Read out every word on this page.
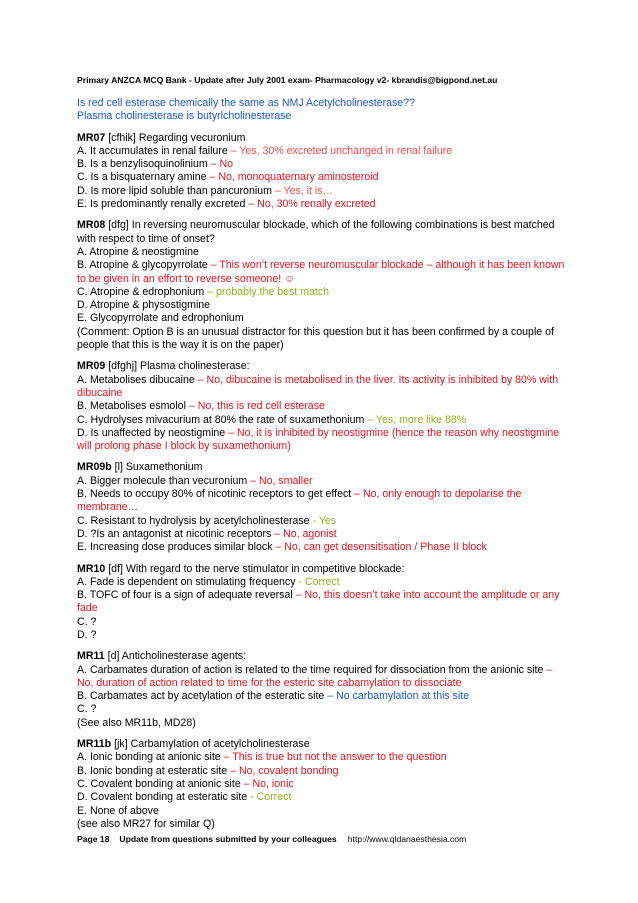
Primary ANZCA MCQ Bank - Update after July 2001 exam- Pharmacology v2- kbrandis@bigpond.net.au
Is red cell esterase chemically the same as NMJ Acetylcholinesterase??
Plasma cholinesterase is butyrlcholinesterase
MR07 [cfhik] Regarding vecuronium
A. It accumulates in renal failure – Yes, 30% excreted unchanged in renal failure
B. Is a benzylisoquinolinium – No
C. Is a bisquaternary amine – No, monoquaternary aminosteroid
D. Is more lipid soluble than pancuronium – Yes, it is…
E. Is predominantly renally excreted – No, 30% renally excreted
MR08 [dfg] In reversing neuromuscular blockade, which of the following combinations is best matched with respect to time of onset?
A. Atropine & neostigmine
B. Atropine & glycopyrrolate – This won’t reverse neuromuscular blockade – although it has been known to be given in an effort to reverse someone! ☺
C. Atropine & edrophonium – probably the best match
D. Atropine & physostigmine
E. Glycopyrrolate and edrophonium
(Comment: Option B is an unusual distractor for this question but it has been confirmed by a couple of people that this is the way it is on the paper)
MR09 [dfghj] Plasma cholinesterase:
A. Metabolises dibucaine – No, dibucaine is metabolised in the liver. Its activity is inhibited by 80% with dibucaine
B. Metabolises esmolol – No, this is red cell esterase
C. Hydrolyses mivacurium at 80% the rate of suxamethonium – Yes, more like 88%
D. Is unaffected by neostigmine – No, it is inhibited by neostigmine (hence the reason why neostigmine will prolong phase I block by suxamethonium)
MR09b [l] Suxamethonium
A. Bigger molecule than vecuronium – No, smaller
B. Needs to occupy 80% of nicotinic receptors to get effect – No, only enough to depolarise the membrane…
C. Resistant to hydrolysis by acetylcholinesterase - Yes
D. ?Is an antagonist at nicotinic receptors – No, agonist
E. Increasing dose produces similar block – No, can get desensitisation / Phase II block
MR10 [df] With regard to the nerve stimulator in competitive blockade:
A. Fade is dependent on stimulating frequency - Correct
B. TOFC of four is a sign of adequate reversal – No, this doesn’t take into account the amplitude or any fade
C. ?
D. ?
MR11 [d] Anticholinesterase agents:
A. Carbamates duration of action is related to the time required for dissociation from the anionic site – No, duration of action related to time for the esteric site cabamylation to dissociate
B. Carbamates act by acetylation of the esteratic site – No carbamylation at this site
C. ?
(See also MR11b, MD28)
MR11b [jk] Carbamylation of acetylcholinesterase
A. Ionic bonding at anionic site – This is true but not the answer to the question
B. Ionic bonding at esteratic site – No, covalent bonding
C. Covalent bonding at anionic site – No, ionic
D. Covalent bonding at esteratic site - Correct
E. None of above
(see also MR27 for similar Q)
Page 18 Update from questions submitted by your colleagues http://www.qldanaesthesia.com
